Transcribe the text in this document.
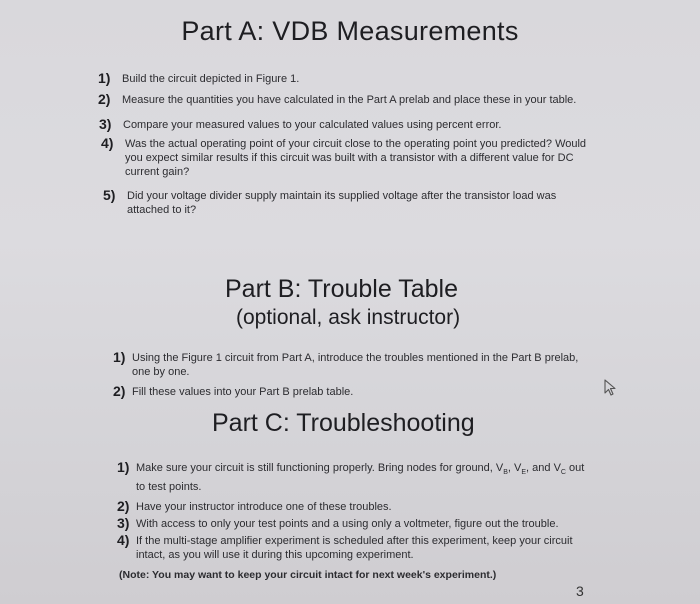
Part A: VDB Measurements
1) Build the circuit depicted in Figure 1.
2) Measure the quantities you have calculated in the Part A prelab and place these in your table.
3) Compare your measured values to your calculated values using percent error.
4) Was the actual operating point of your circuit close to the operating point you predicted? Would you expect similar results if this circuit was built with a transistor with a different value for DC current gain?
5) Did your voltage divider supply maintain its supplied voltage after the transistor load was attached to it?
Part B: Trouble Table
(optional, ask instructor)
1) Using the Figure 1 circuit from Part A, introduce the troubles mentioned in the Part B prelab, one by one.
2) Fill these values into your Part B prelab table.
Part C: Troubleshooting
1) Make sure your circuit is still functioning properly. Bring nodes for ground, $V_B$, $V_E$, and $V_C$ out to test points.
2) Have your instructor introduce one of these troubles.
3) With access to only your test points and a using only a voltmeter, figure out the trouble.
4) If the multi-stage amplifier experiment is scheduled after this experiment, keep your circuit intact, as you will use it during this upcoming experiment.
(Note: You may want to keep your circuit intact for next week's experiment.)
3
